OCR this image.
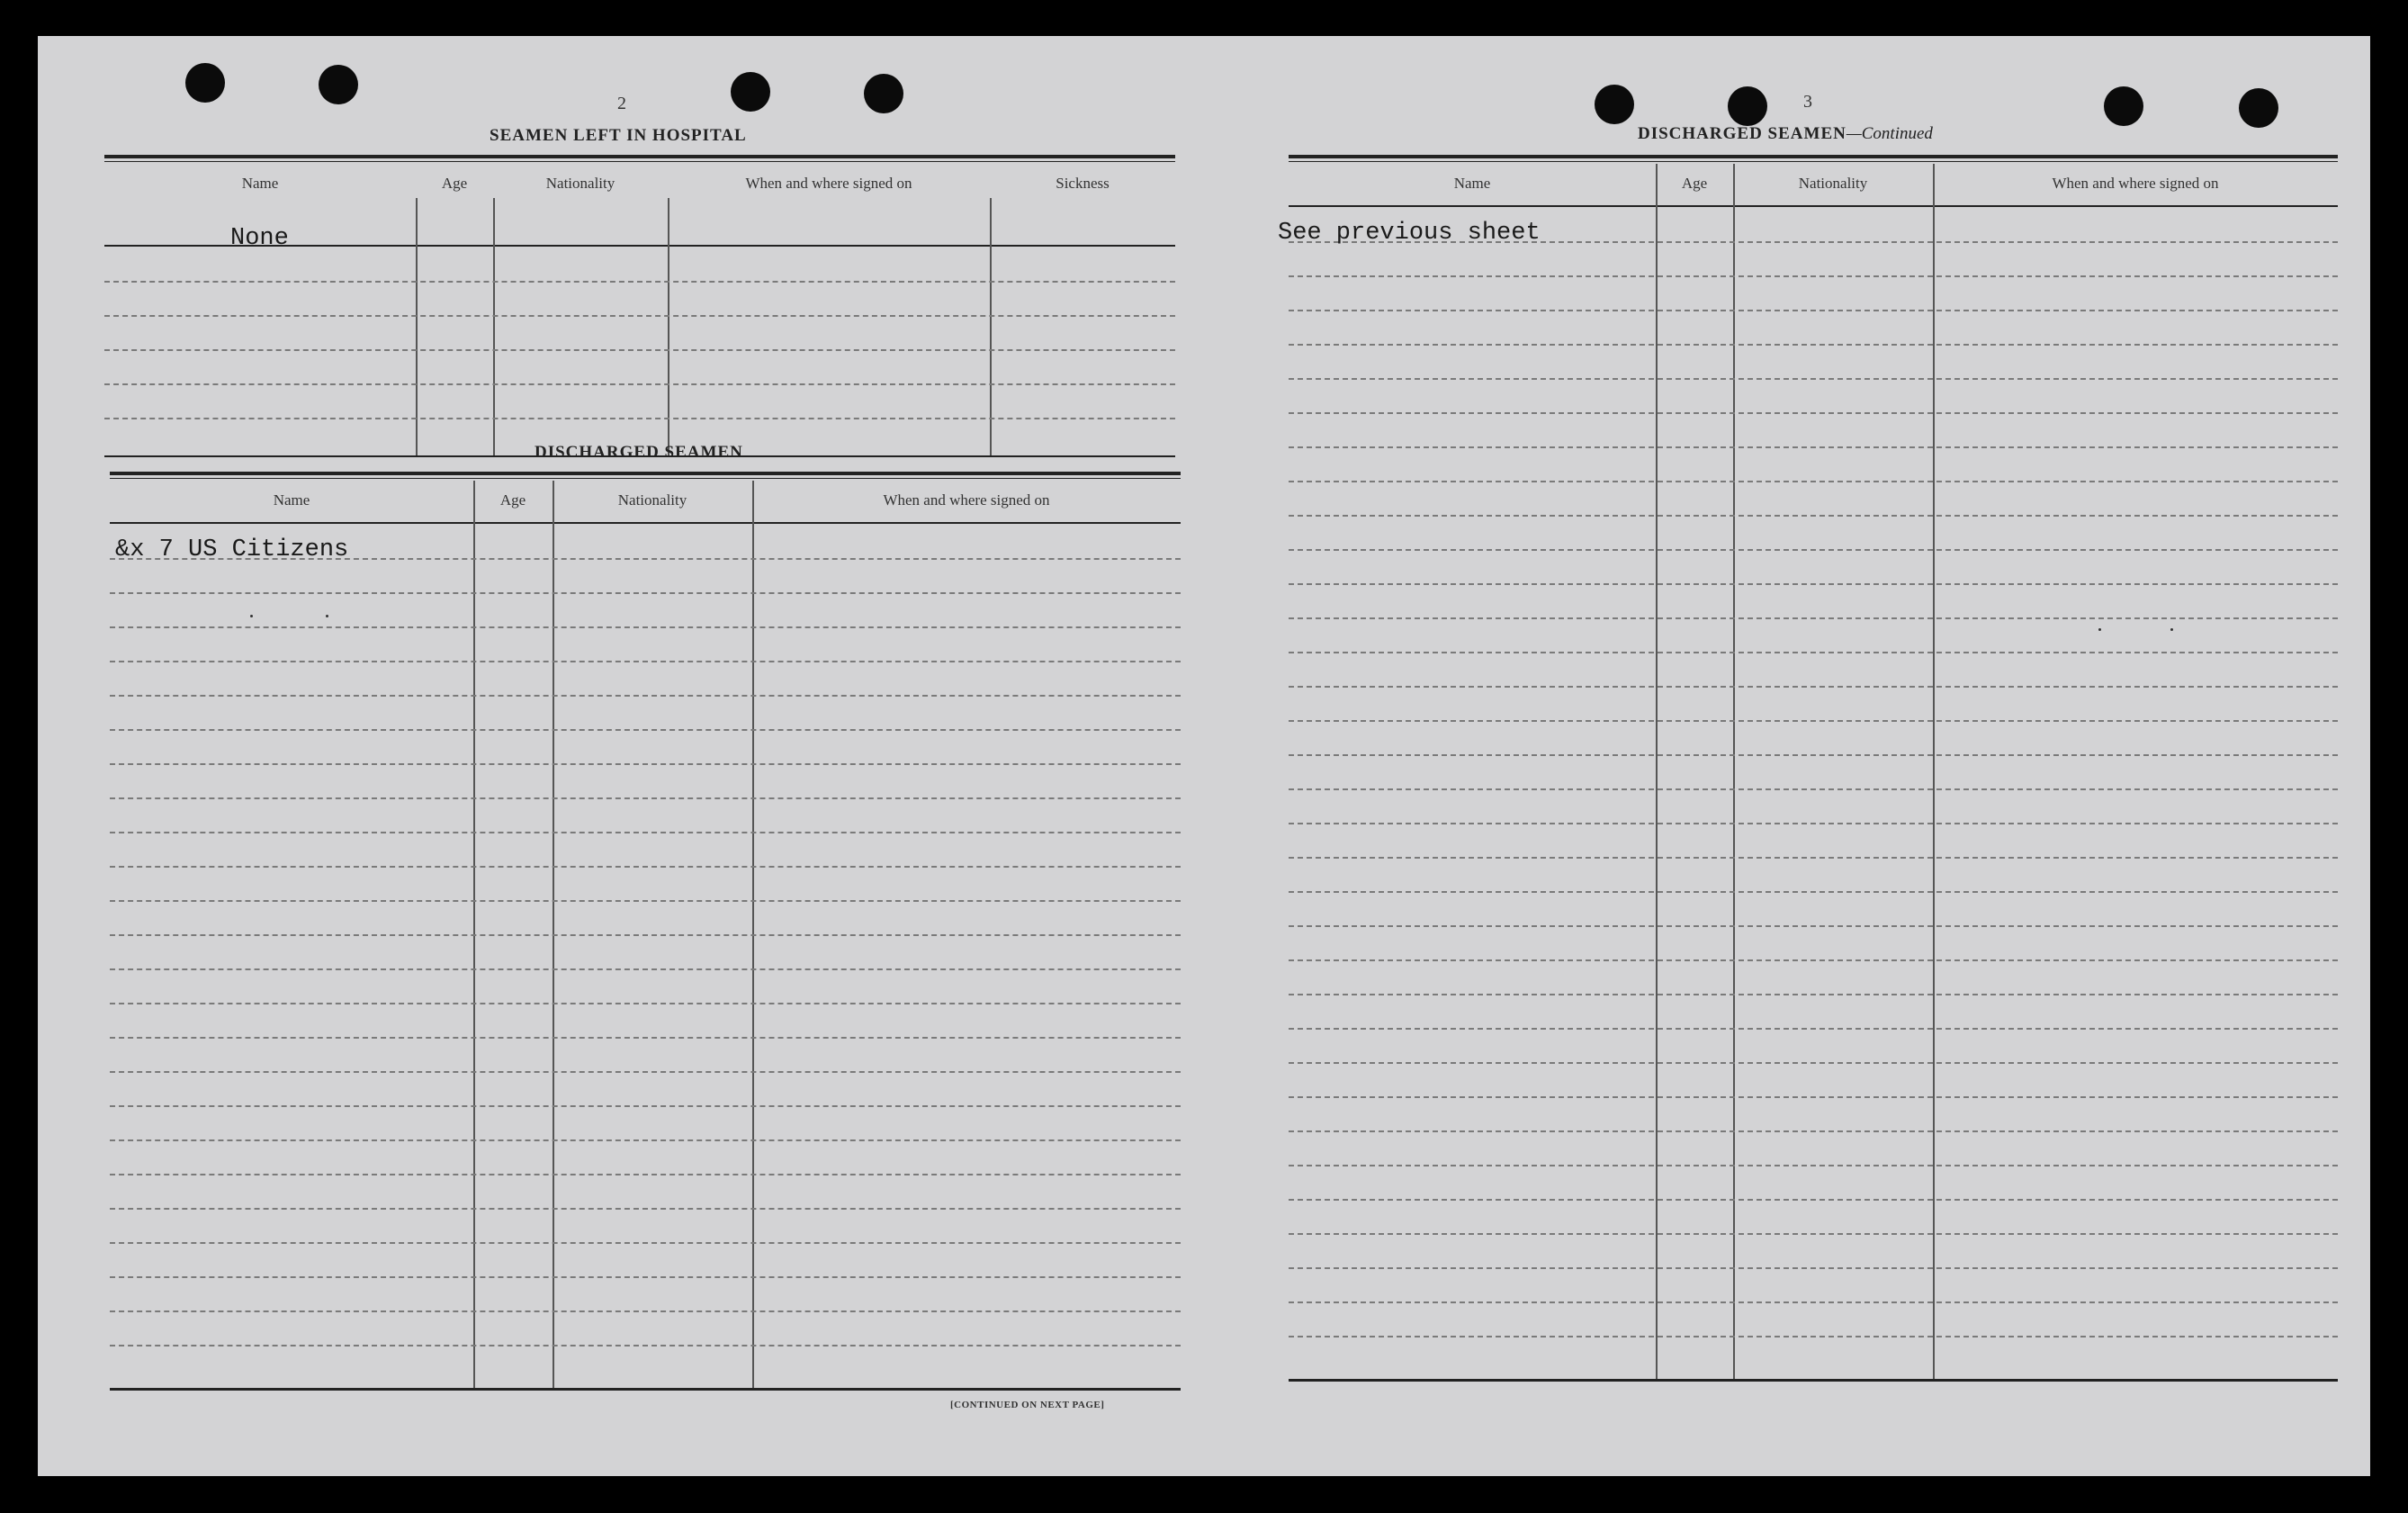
2
SEAMEN LEFT IN HOSPITAL
Name	Age	Nationality	When and where signed on	Sickness
None
DISCHARGED SEAMEN
Name	Age	Nationality	When and where signed on
&x 7 US Citizens
[CONTINUED ON NEXT PAGE]
3
DISCHARGED SEAMEN—Continued
Name	Age	Nationality	When and where signed on
See previous sheet
